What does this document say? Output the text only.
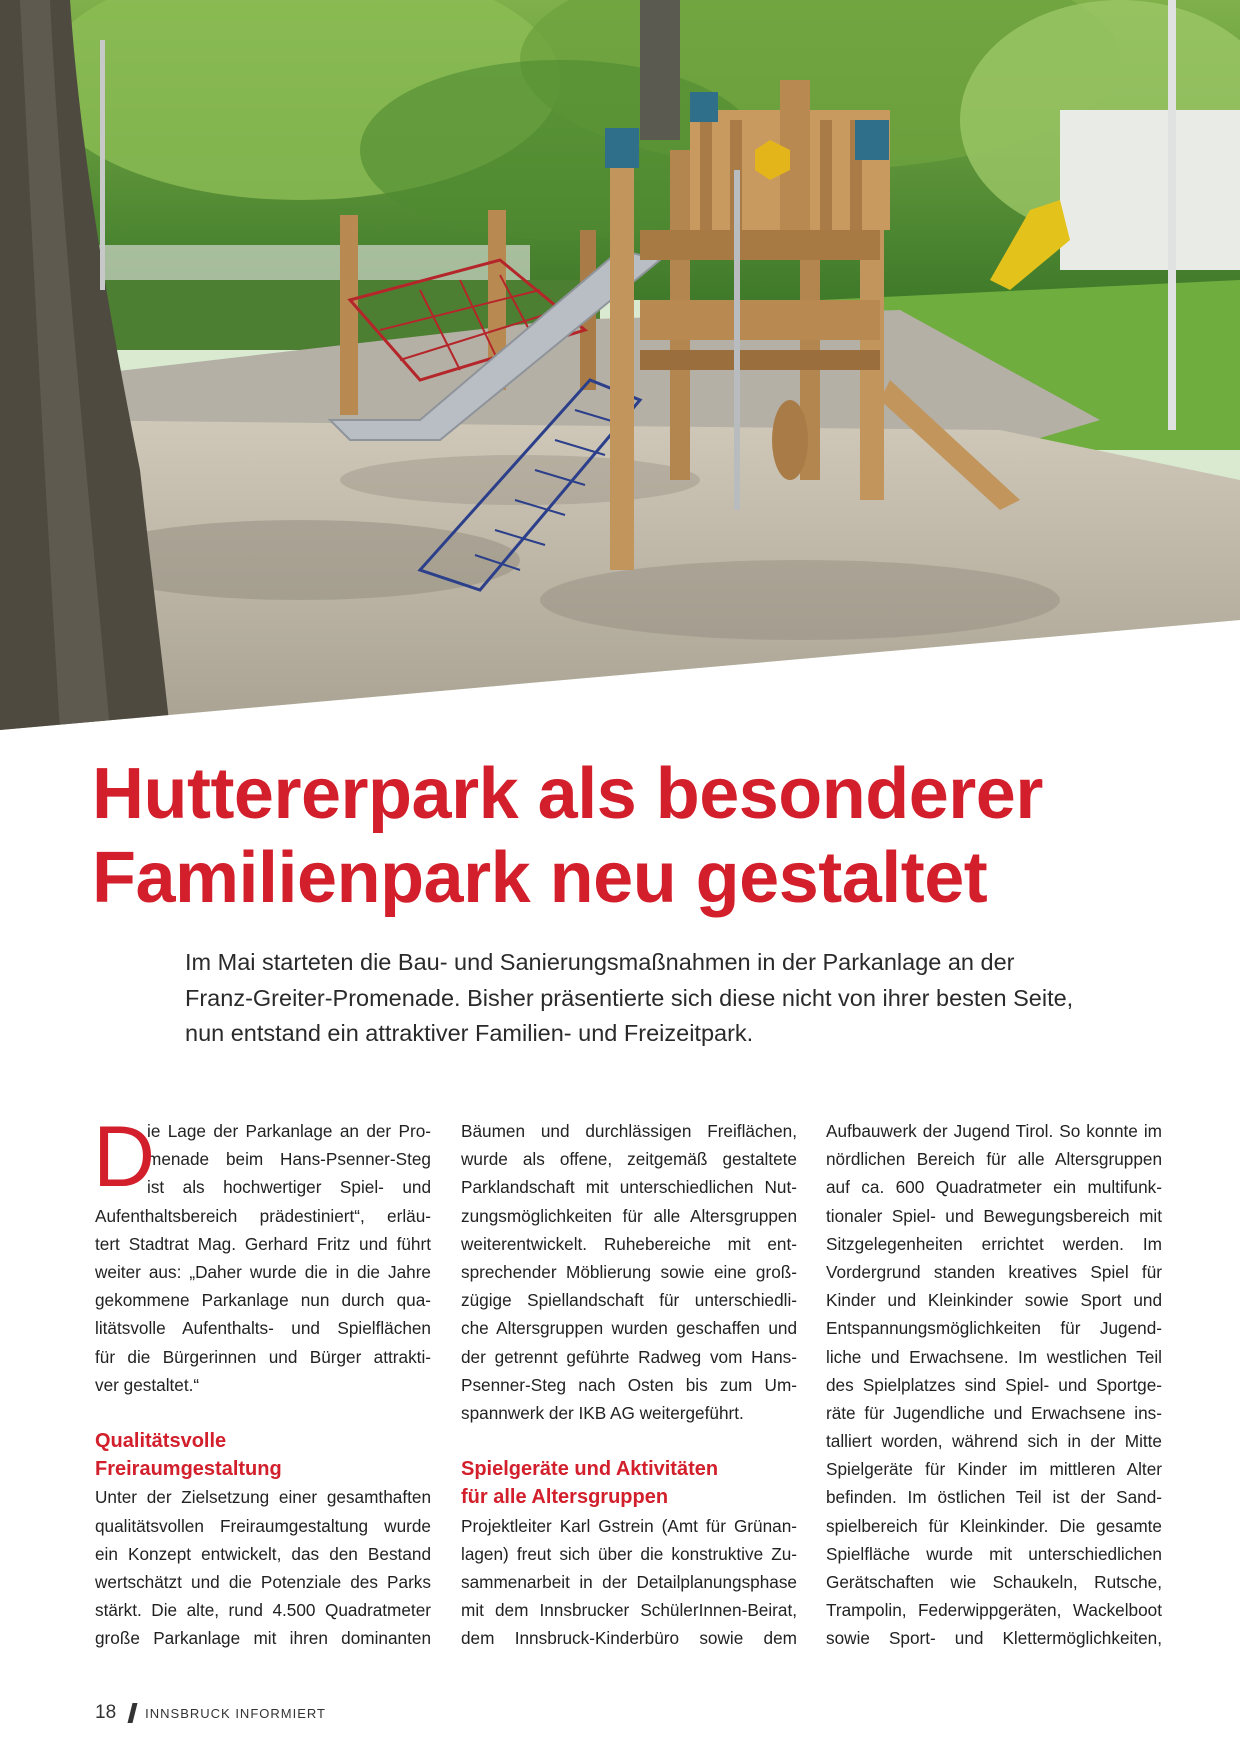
Huttererpark als besonderer
Familienpark neu gestaltet

Im Mai starteten die Bau- und Sanierungsmaßnahmen in der Parkanlage an der
Franz-Greiter-Promenade. Bisher präsentierte sich diese nicht von ihrer besten Seite,
nun entstand ein attraktiver Familien- und Freizeitpark.

D
ie Lage der Parkanlage an der Pro-
menade beim Hans-Psenner-Steg
ist als hochwertiger Spiel- und
Aufenthaltsbereich prädestiniert“, erläu-
tert Stadtrat Mag. Gerhard Fritz und führt
weiter aus: „Daher wurde die in die Jahre
gekommene Parkanlage nun durch qua-
litätsvolle Aufenthalts- und Spielflächen
für die Bürgerinnen und Bürger attrakti-
ver gestaltet.“
Qualitätsvolle
Freiraumgestaltung
Unter der Zielsetzung einer gesamthaften
qualitätsvollen Freiraumgestaltung wurde
ein Konzept entwickelt, das den Bestand
wertschätzt und die Potenziale des Parks
stärkt. Die alte, rund 4.500 Quadratmeter
große Parkanlage mit ihren dominanten
Bäumen und durchlässigen Freiflächen,
wurde als offene, zeitgemäß gestaltete
Parklandschaft mit unterschiedlichen Nut-
zungsmöglichkeiten für alle Altersgruppen
weiterentwickelt. Ruhebereiche mit ent-
sprechender Möblierung sowie eine groß-
zügige Spiellandschaft für unterschiedli-
che Altersgruppen wurden geschaffen und
der getrennt geführte Radweg vom Hans-
Psenner-Steg nach Osten bis zum Um-
spannwerk der IKB AG weitergeführt.
Spielgeräte und Aktivitäten
für alle Altersgruppen
Projektleiter Karl Gstrein (Amt für Grünan-
lagen) freut sich über die konstruktive Zu-
sammenarbeit in der Detailplanungsphase
mit dem Innsbrucker SchülerInnen-Beirat,
dem Innsbruck-Kinderbüro sowie dem
Aufbauwerk der Jugend Tirol. So konnte im
nördlichen Bereich für alle Altersgruppen
auf ca. 600 Quadratmeter ein multifunk-
tionaler Spiel- und Bewegungsbereich mit
Sitzgelegenheiten errichtet werden. Im
Vordergrund standen kreatives Spiel für
Kinder und Kleinkinder sowie Sport und
Entspannungsmöglichkeiten für Jugend-
liche und Erwachsene. Im westlichen Teil
des Spielplatzes sind Spiel- und Sportge-
räte für Jugendliche und Erwachsene ins-
talliert worden, während sich in der Mitte
Spielgeräte für Kinder im mittleren Alter
befinden. Im östlichen Teil ist der Sand-
spielbereich für Kleinkinder. Die gesamte
Spielfläche wurde mit unterschiedlichen
Gerätschaften wie Schaukeln, Rutsche,
Trampolin, Federwippgeräten, Wackelboot
sowie Sport- und Klettermöglichkeiten,
18 INNSBRUCK INFORMIERT
